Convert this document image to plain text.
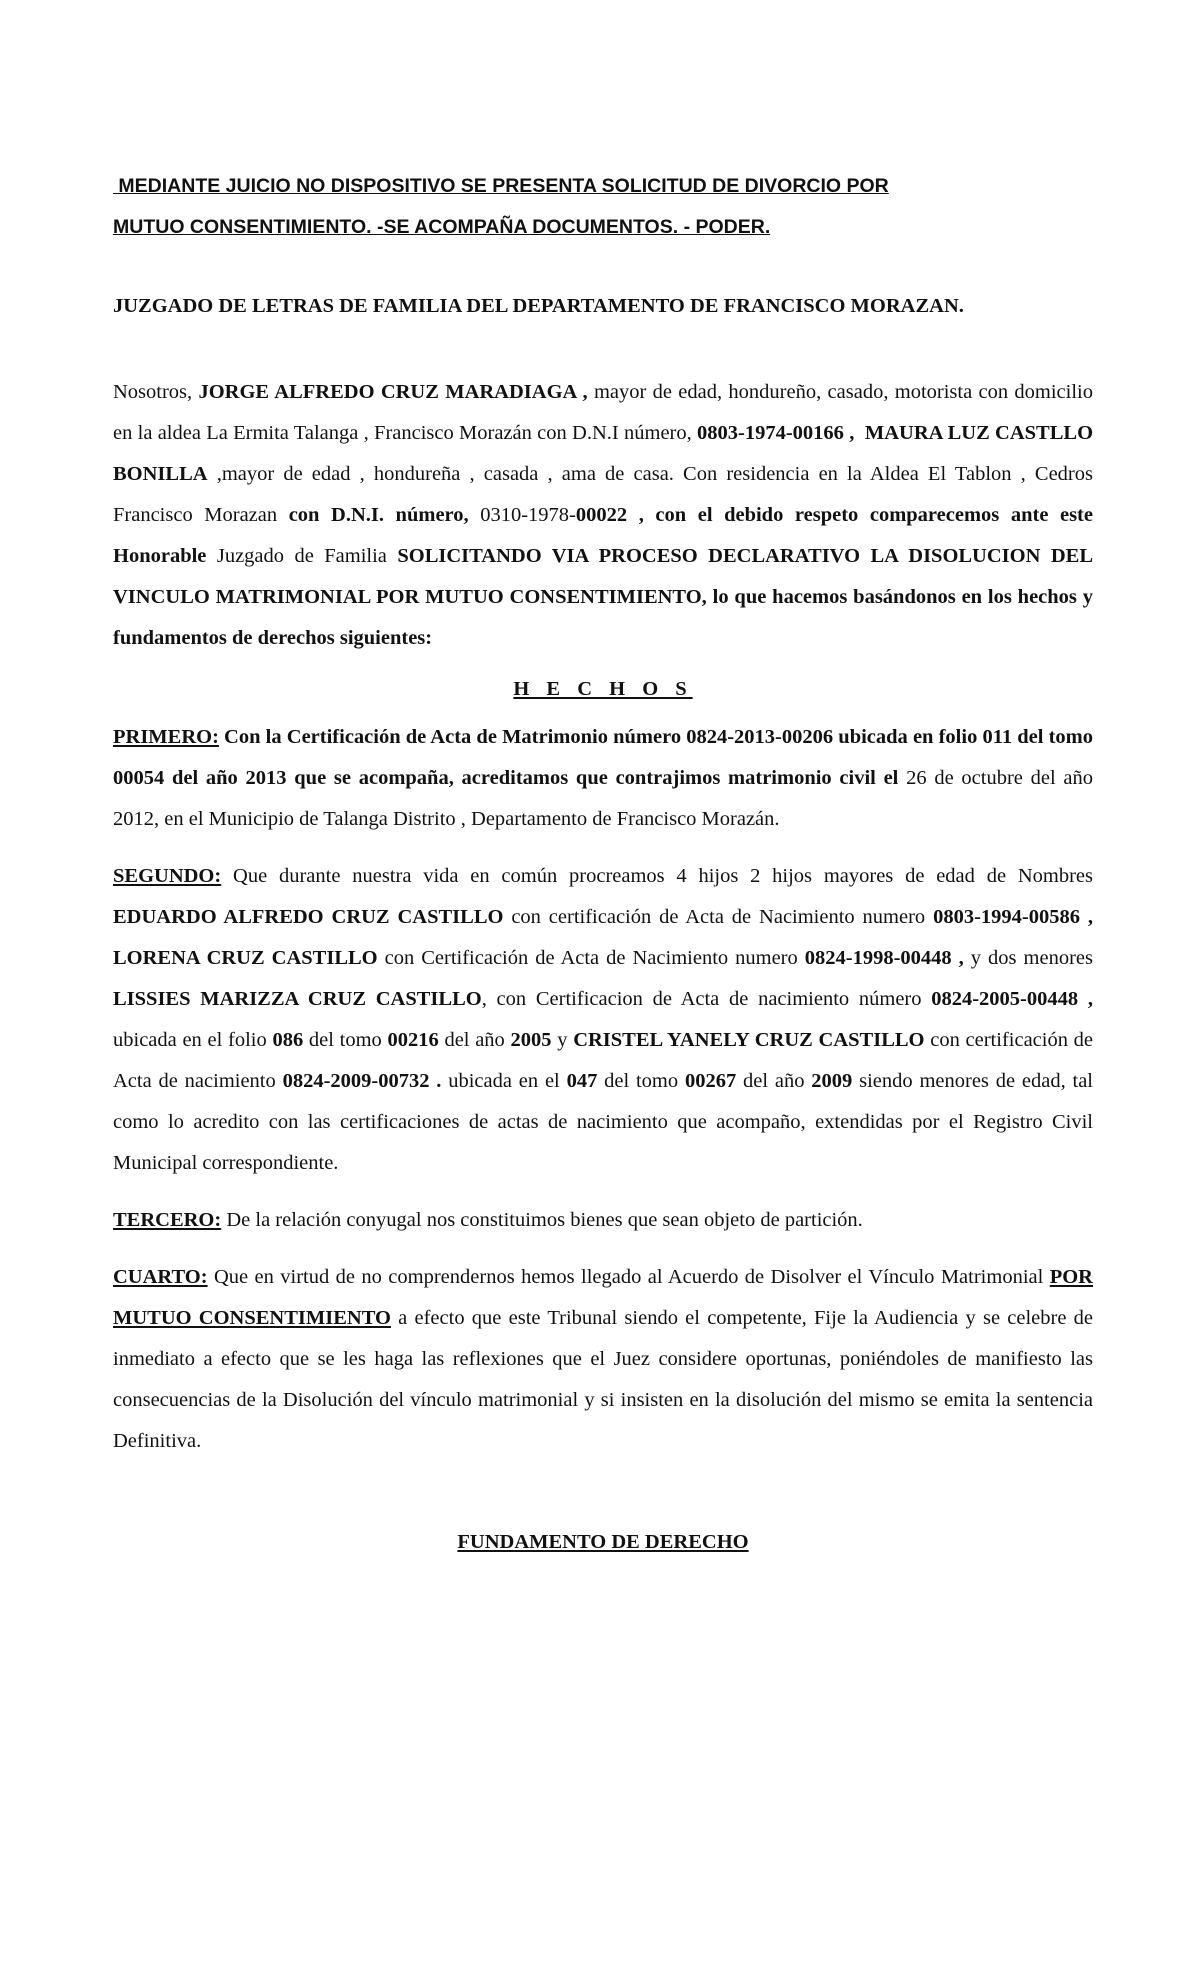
MEDIANTE JUICIO NO DISPOSITIVO SE PRESENTA SOLICITUD DE DIVORCIO POR
MUTUO CONSENTIMIENTO. -SE ACOMPAÑA DOCUMENTOS. - PODER.

JUZGADO DE LETRAS DE FAMILIA DEL DEPARTAMENTO DE FRANCISCO MORAZAN.

Nosotros, JORGE ALFREDO CRUZ MARADIAGA , mayor de edad, hondureño, casado, motorista con domicilio en la aldea La Ermita Talanga , Francisco Morazán con D.N.I número, 0803-1974-00166 , MAURA LUZ CASTLLO BONILLA ,mayor de edad , hondureña , casada , ama de casa. Con residencia en la Aldea El Tablon , Cedros Francisco Morazan con D.N.I. número, 0310-1978-00022 , con el debido respeto comparecemos ante este Honorable Juzgado de Familia SOLICITANDO VIA PROCESO DECLARATIVO LA DISOLUCION DEL VINCULO MATRIMONIAL POR MUTUO CONSENTIMIENTO, lo que hacemos basándonos en los hechos y fundamentos de derechos siguientes:

H E C H O S

PRIMERO: Con la Certificación de Acta de Matrimonio número 0824-2013-00206 ubicada en folio 011 del tomo 00054 del año 2013 que se acompaña, acreditamos que contrajimos matrimonio civil el 26 de octubre del año 2012, en el Municipio de Talanga Distrito , Departamento de Francisco Morazán.

SEGUNDO: Que durante nuestra vida en común procreamos 4 hijos 2 hijos mayores de edad de Nombres EDUARDO ALFREDO CRUZ CASTILLO con certificación de Acta de Nacimiento numero 0803-1994-00586 , LORENA CRUZ CASTILLO con Certificación de Acta de Nacimiento numero 0824-1998-00448 , y dos menores LISSIES MARIZZA CRUZ CASTILLO, con Certificacion de Acta de nacimiento número 0824-2005-00448 , ubicada en el folio 086 del tomo 00216 del año 2005 y CRISTEL YANELY CRUZ CASTILLO con certificación de Acta de nacimiento 0824-2009-00732 . ubicada en el 047 del tomo 00267 del año 2009 siendo menores de edad, tal como lo acredito con las certificaciones de actas de nacimiento que acompaño, extendidas por el Registro Civil Municipal correspondiente.

TERCERO: De la relación conyugal nos constituimos bienes que sean objeto de partición.

CUARTO: Que en virtud de no comprendernos hemos llegado al Acuerdo de Disolver el Vínculo Matrimonial POR MUTUO CONSENTIMIENTO a efecto que este Tribunal siendo el competente, Fije la Audiencia y se celebre de inmediato a efecto que se les haga las reflexiones que el Juez considere oportunas, poniéndoles de manifiesto las consecuencias de la Disolución del vínculo matrimonial y si insisten en la disolución del mismo se emita la sentencia Definitiva.

FUNDAMENTO DE DERECHO
